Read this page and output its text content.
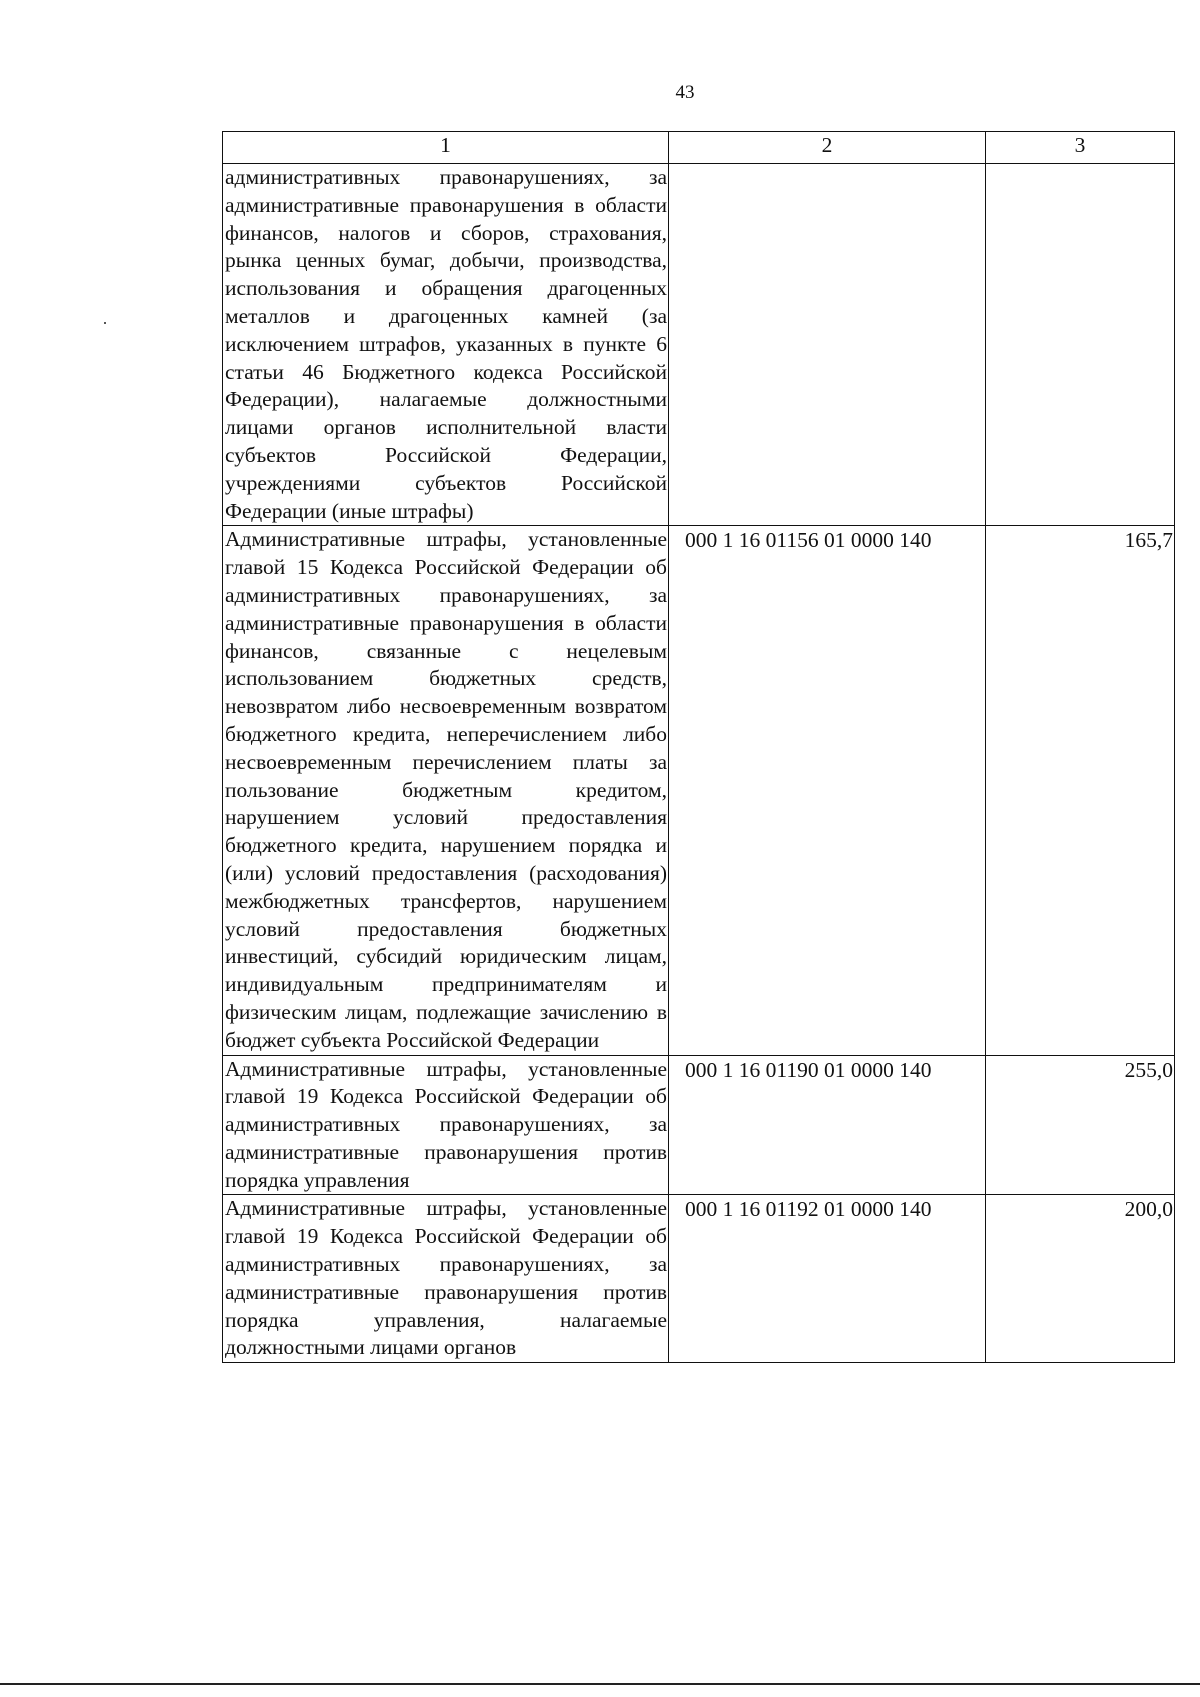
43
1	2	3
административных правонарушениях, за административные правонарушения в области финансов, налогов и сборов, страхования, рынка ценных бумаг, добычи, производства, использования и обращения драгоценных металлов и драгоценных камней (за исключением штрафов, указанных в пункте 6 статьи 46 Бюджетного кодекса Российской Федерации), налагаемые должностными лицами органов исполнительной власти субъектов Российской Федерации, учреждениями субъектов Российской Федерации (иные штрафы)		
Административные штрафы, установленные главой 15 Кодекса Российской Федерации об административных правонарушениях, за административные правонарушения в области финансов, связанные с нецелевым использованием бюджетных средств, невозвратом либо несвоевременным возвратом бюджетного кредита, неперечислением либо несвоевременным перечислением платы за пользование бюджетным кредитом, нарушением условий предоставления бюджетного кредита, нарушением порядка и (или) условий предоставления (расходования) межбюджетных трансфертов, нарушением условий предоставления бюджетных инвестиций, субсидий юридическим лицам, индивидуальным предпринимателям и физическим лицам, подлежащие зачислению в бюджет субъекта Российской Федерации	000 1 16 01156 01 0000 140	165,7
Административные штрафы, установленные главой 19 Кодекса Российской Федерации об административных правонарушениях, за административные правонарушения против порядка управления	000 1 16 01190 01 0000 140	255,0
Административные штрафы, установленные главой 19 Кодекса Российской Федерации об административных правонарушениях, за административные правонарушения против порядка управления, налагаемые должностными лицами органов	000 1 16 01192 01 0000 140	200,0
